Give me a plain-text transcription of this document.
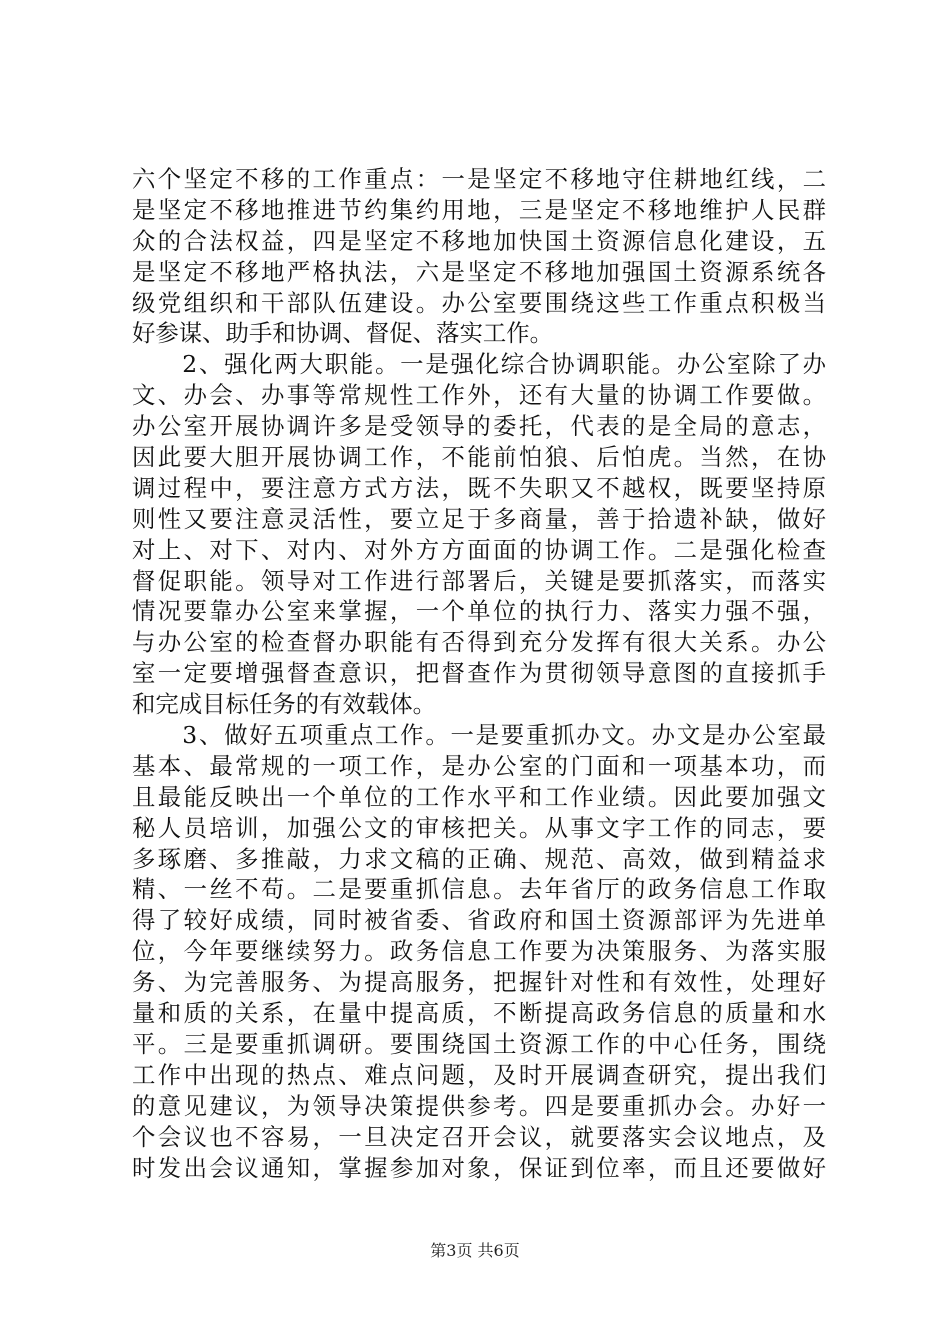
六个坚定不移的工作重点：一是坚定不移地守住耕地红线，二
是坚定不移地推进节约集约用地，三是坚定不移地维护人民群
众的合法权益，四是坚定不移地加快国土资源信息化建设，五
是坚定不移地严格执法，六是坚定不移地加强国土资源系统各
级党组织和干部队伍建设。办公室要围绕这些工作重点积极当
好参谋、助手和协调、督促、落实工作。
　　2、强化两大职能。一是强化综合协调职能。办公室除了办
文、办会、办事等常规性工作外，还有大量的协调工作要做。
办公室开展协调许多是受领导的委托，代表的是全局的意志，
因此要大胆开展协调工作，不能前怕狼、后怕虎。当然，在协
调过程中，要注意方式方法，既不失职又不越权，既要坚持原
则性又要注意灵活性，要立足于多商量，善于拾遗补缺，做好
对上、对下、对内、对外方方面面的协调工作。二是强化检查
督促职能。领导对工作进行部署后，关键是要抓落实，而落实
情况要靠办公室来掌握，一个单位的执行力、落实力强不强，
与办公室的检查督办职能有否得到充分发挥有很大关系。办公
室一定要增强督查意识，把督查作为贯彻领导意图的直接抓手
和完成目标任务的有效载体。
　　3、做好五项重点工作。一是要重抓办文。办文是办公室最
基本、最常规的一项工作，是办公室的门面和一项基本功，而
且最能反映出一个单位的工作水平和工作业绩。因此要加强文
秘人员培训，加强公文的审核把关。从事文字工作的同志，要
多琢磨、多推敲，力求文稿的正确、规范、高效，做到精益求
精、一丝不苟。二是要重抓信息。去年省厅的政务信息工作取
得了较好成绩，同时被省委、省政府和国土资源部评为先进单
位，今年要继续努力。政务信息工作要为决策服务、为落实服
务、为完善服务、为提高服务，把握针对性和有效性，处理好
量和质的关系，在量中提高质，不断提高政务信息的质量和水
平。三是要重抓调研。要围绕国土资源工作的中心任务，围绕
工作中出现的热点、难点问题，及时开展调查研究，提出我们
的意见建议，为领导决策提供参考。四是要重抓办会。办好一
个会议也不容易，一旦决定召开会议，就要落实会议地点，及
时发出会议通知，掌握参加对象，保证到位率，而且还要做好
第3页 共6页
